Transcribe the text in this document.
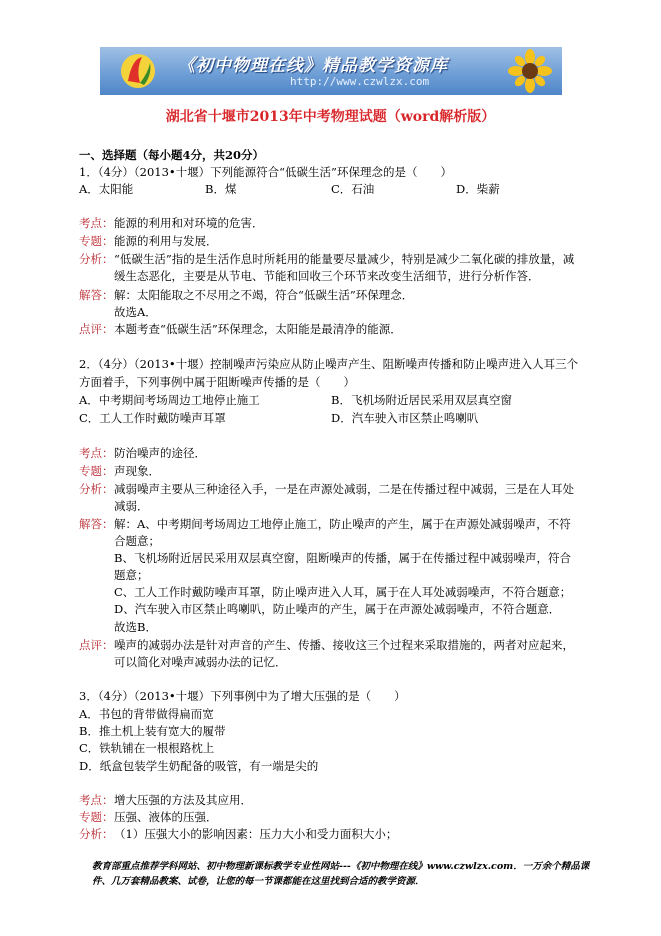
《初中物理在线》精品教学资源库
http://www.czwlzx.com
湖北省十堰市2013年中考物理试题（word解析版）
一、选择题（每小题4分，共20分）
1．（4分）（2013•十堰）下列能源符合“低碳生活”环保理念的是（　　）
A．太阳能	B．煤	C．石油	D．柴薪
考点： 能源的利用和对环境的危害．
专题： 能源的利用与发展．
分析： “低碳生活”指的是生活作息时所耗用的能量要尽量减少，特别是减少二氧化碳的排放量，减
缓生态恶化，主要是从节电、节能和回收三个环节来改变生活细节，进行分析作答．
解答： 解：太阳能取之不尽用之不竭，符合“低碳生活”环保理念．
故选A．
点评： 本题考查“低碳生活”环保理念，太阳能是最清净的能源．
2．（4分）（2013•十堰）控制噪声污染应从防止噪声产生、阻断噪声传播和防止噪声进入人耳三个
方面着手，下列事例中属于阻断噪声传播的是（　　）
A．中考期间考场周边工地停止施工	B．飞机场附近居民采用双层真空窗
C．工人工作时戴防噪声耳罩	D．汽车驶入市区禁止鸣喇叭
考点： 防治噪声的途径．
专题： 声现象．
分析： 减弱噪声主要从三种途径入手，一是在声源处减弱，二是在传播过程中减弱，三是在人耳处
减弱．
解答： 解：A、中考期间考场周边工地停止施工，防止噪声的产生，属于在声源处减弱噪声，不符
合题意；
B、飞机场附近居民采用双层真空窗，阻断噪声的传播，属于在传播过程中减弱噪声，符合
题意；
C、工人工作时戴防噪声耳罩，防止噪声进入人耳，属于在人耳处减弱噪声，不符合题意；
D、汽车驶入市区禁止鸣喇叭，防止噪声的产生，属于在声源处减弱噪声，不符合题意．
故选B．
点评： 噪声的减弱办法是针对声音的产生、传播、接收这三个过程来采取措施的，两者对应起来，
可以简化对噪声减弱办法的记忆．
3．（4分）（2013•十堰）下列事例中为了增大压强的是（　　）
A．书包的背带做得扁而宽
B．推土机上装有宽大的履带
C．铁轨铺在一根根路枕上
D．纸盒包装学生奶配备的吸管，有一端是尖的
考点： 增大压强的方法及其应用．
专题： 压强、液体的压强．
分析： （1）压强大小的影响因素：压力大小和受力面积大小；
教育部重点推荐学科网站、初中物理新课标教学专业性网站---《初中物理在线》www.czwlzx.com．一万余个精品课
件、几万套精品教案、试卷，让您的每一节课都能在这里找到合适的教学资源．
